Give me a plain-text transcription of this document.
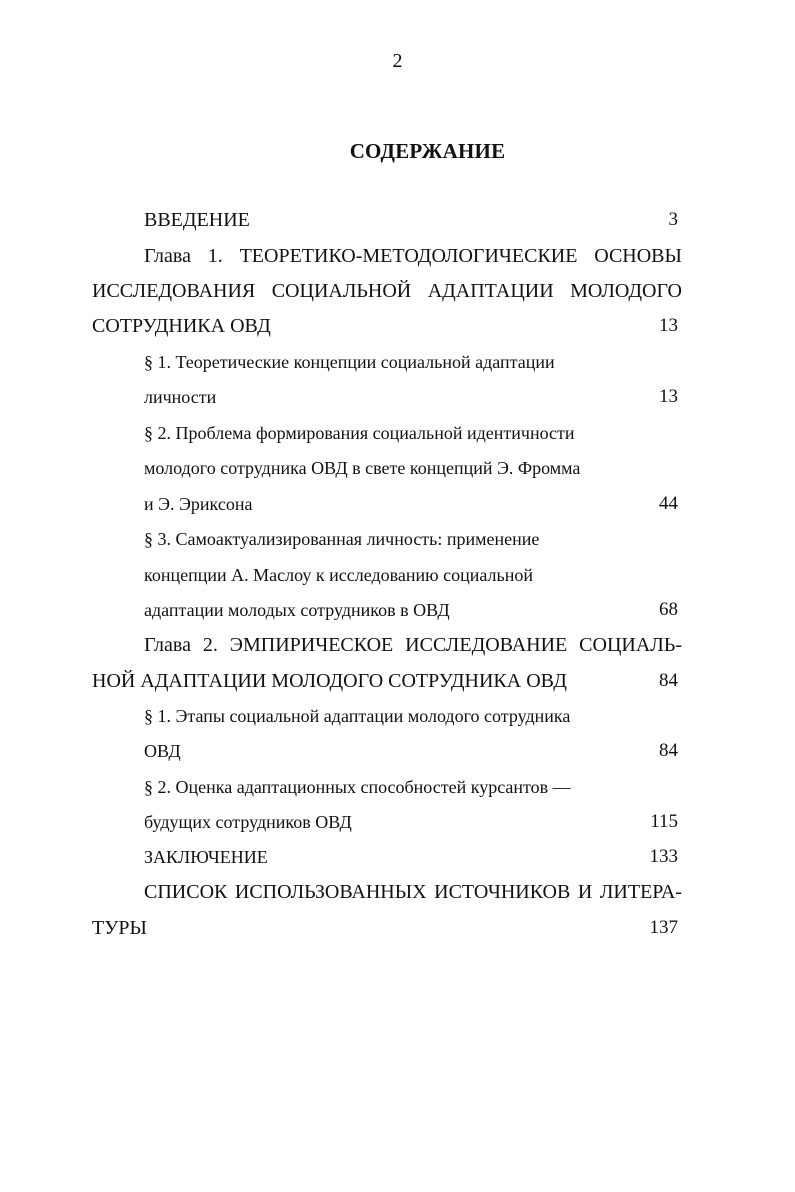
2
СОДЕРЖАНИЕ
ВВЕДЕНИЕ	3
Глава 1. ТЕОРЕТИКО-МЕТОДОЛОГИЧЕСКИЕ ОСНОВЫ
ИССЛЕДОВАНИЯ СОЦИАЛЬНОЙ АДАПТАЦИИ МОЛОДОГО
СОТРУДНИКА ОВД	13
§ 1. Теоретические концепции социальной адаптации
личности	13
§ 2. Проблема формирования социальной идентичности
молодого сотрудника ОВД в свете концепций Э. Фромма
и Э. Эриксона	44
§ 3. Самоактуализированная личность: применение
концепции А. Маслоу к исследованию социальной
адаптации молодых сотрудников в ОВД	68
Глава 2. ЭМПИРИЧЕСКОЕ ИССЛЕДОВАНИЕ СОЦИАЛЬ-
НОЙ АДАПТАЦИИ МОЛОДОГО СОТРУДНИКА ОВД	84
§ 1. Этапы социальной адаптации молодого сотрудника
ОВД	84
§ 2. Оценка адаптационных способностей курсантов —
будущих сотрудников ОВД	115
ЗАКЛЮЧЕНИЕ	133
СПИСОК ИСПОЛЬЗОВАННЫХ ИСТОЧНИКОВ И ЛИТЕРА-
ТУРЫ	137
